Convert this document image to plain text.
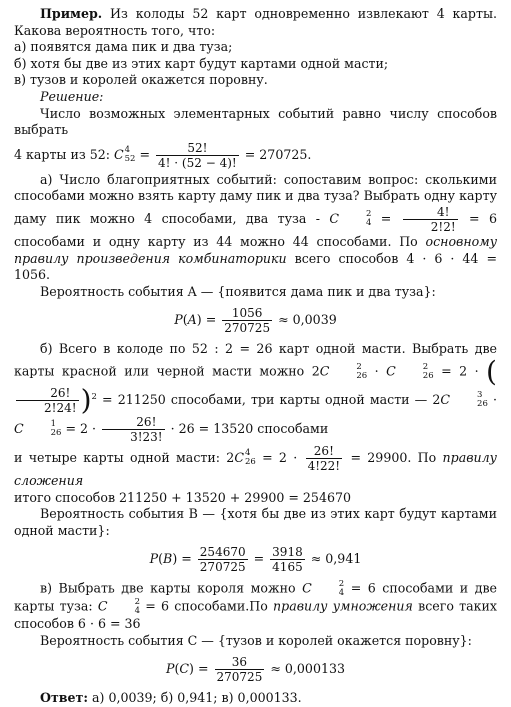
Пример. Из колоды 52 карт одновременно извлекают 4 карты. Какова вероятность того, что:

а) появятся дама пик и два туза;

б) хотя бы две из этих карт будут картами одной масти;

в) тузов и королей окажется поровну.

Решение:

Число возможных элементарных событий равно числу способов выбрать

4 карты из 52: C 4
$52 = \frac{52!}{4! \cdot (52 - 4)!} = 270725$.

а) Число благоприятных событий: сопоставим вопрос: сколькими способами можно взять карту даму пик и два туза? Выбрать одну карту даму пик можно 4 способами, два туза - C	2
$4 = \frac{4!}{2!2!} = 6$ способами и одну карту из 44 можно 44 способами. По основному правилу произведения комбинаторики всего способов 4 · 6 · 44 = 1056.

Вероятность события A — {появится дама пик и два туза}:

$P(A) = \frac{1056}{270725} \approx 0,0039$

б) Всего в колоде по 52 : 2 = 26 карт одной масти. Выбрать две карты красной или черной масти можно 2C	2
26 · C	2
26 = 2 · (
$\frac{26!}{2!24!} )^2 = 211250$ способами, три карты одной масти — 2C	3
26 · C	1
$26 = 2 \cdot \frac{26!}{3!23!} \cdot 26 = 13520$ способами

и четыре карты одной масти: 2C 4
$26 = 2 \cdot \frac{26!}{4!22!} = 29900$. По правилу сложения

итого способов 211250 + 13520 + 29900 = 254670

Вероятность события B — {хотя бы две из этих карт будут картами одной масти}:

$P(B) = \frac{254670}{270725} = \frac{3918}{4165} \approx 0,941$

в) Выбрать две карты короля можно C	2
4 = 6 способами и две карты туза: C	2
4 = 6 способами.По правилу умножения всего таких способов 6 · 6 = 36

Вероятность события C — {тузов и королей окажется поровну}:

$P(C) = \frac{36}{270725} \approx 0,000133$

Ответ: а) 0,0039; б) 0,941; в) 0,000133.
